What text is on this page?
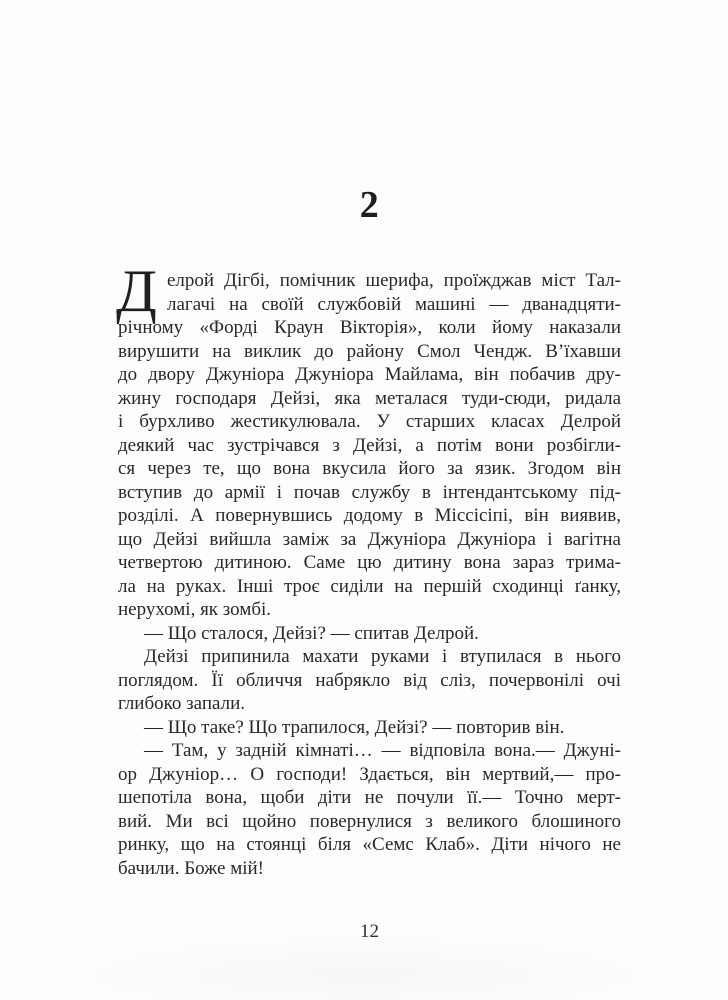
2
Д елрой Дігбі, помічник шерифа, проїжджав міст Тал-
лагачі на своїй службовій машині — дванадцяти-
річному «Форді Краун Вікторія», коли йому наказали
вирушити на виклик до району Смол Чендж. В’їхавши
до двору Джуніора Джуніора Майлама, він побачив дру-
жину господаря Дейзі, яка металася туди-сюди, ридала
і бурхливо жестикулювала. У старших класах Делрой
деякий час зустрічався з Дейзі, а потім вони розбігли-
ся через те, що вона вкусила його за язик. Згодом він
вступив до армії і почав службу в інтендантському під-
розділі. А повернувшись додому в Міссісіпі, він виявив,
що Дейзі вийшла заміж за Джуніора Джуніора і вагітна
четвертою дитиною. Саме цю дитину вона зараз трима-
ла на руках. Інші троє сиділи на першій сходинці ґанку,
нерухомі, як зомбі.
— Що сталося, Дейзі? — спитав Делрой.
Дейзі припинила махати руками і втупилася в нього
поглядом. Її обличчя набрякло від сліз, почервонілі очі
глибоко запали.
— Що таке? Що трапилося, Дейзі? — повторив він.
— Там, у задній кімнаті… — відповіла вона.— Джуні-
ор Джуніор… О господи! Здається, він мертвий,— про-
шепотіла вона, щоби діти не почули її.— Точно мерт-
вий. Ми всі щойно повернулися з великого блошиного
ринку, що на стоянці біля «Семс Клаб». Діти нічого не
бачили. Боже мій!
12
